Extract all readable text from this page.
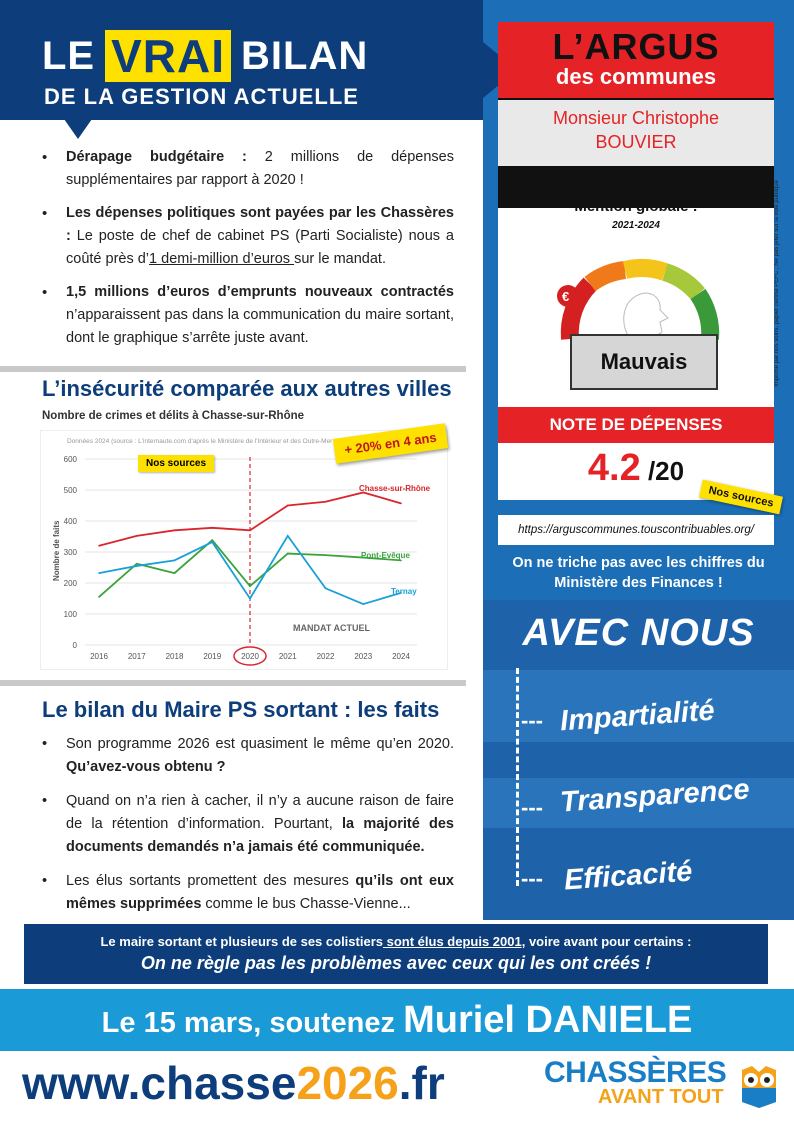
LE VRAI BILAN
DE LA GESTION ACTUELLE
• Dérapage budgétaire : 2 millions de dépenses supplémentaires par rapport à 2020 !
• Les dépenses politiques sont payées par les Chassères : Le poste de chef de cabinet PS (Parti Socialiste) nous a coûté près d’1 demi-million d’euros sur le mandat.
• 1,5 millions d’euros d’emprunts nouveaux contractés n’apparaissent pas dans la communication du maire sortant, dont le graphique s’arrête juste avant.
L’insécurité comparée aux autres villes
Nombre de crimes et délits à Chasse-sur-Rhône
Données 2024 (source : L'internaute.com d'après le Ministère de l'Intérieur et des Outre-Mer
MANDAT ACTUEL
Nombre de faits
0
100
200
300
400
500
600
2016 2017 2018 2019 2020 2021 2022 2023 2024
Chasse-sur-Rhône
Pont-Evêque
Ternay
Nos sources
+ 20% en 4 ans
Le bilan du Maire PS sortant : les faits
• Son programme 2026 est quasiment le même qu’en 2020. Qu’avez-vous obtenu ?
• Quand on n’a rien à cacher, il n’y a aucune raison de faire de la rétention d’information. Pourtant, la majorité des documents demandés n’a jamais été communiquée.
• Les élus sortants promettent des mesures qu’ils ont eux mêmes supprimées comme le bus Chasse-Vienne...
L’ARGUS
des communes
Monsieur Christophe
BOUVIER
Mention globale :
2021-2024
€
Mauvais
NOTE DE DÉPENSES
4.2 /20
Nos sources
https://arguscommunes.touscontribuables.org/
Imprimé par nos soins, papier certifié PEFC ; Ne pas jeter sur la voie publique
On ne triche pas avec les chiffres du Ministère des Finances !
AVEC NOUS
--- Impartialité
--- Transparence
--- Efficacité
Le maire sortant et plusieurs de ses colistiers sont élus depuis 2001, voire avant pour certains :
On ne règle pas les problèmes avec ceux qui les ont créés !
Le 15 mars, soutenez Muriel DANIELE
www.chasse2026.fr	CHASSÈRES
AVANT TOUT
